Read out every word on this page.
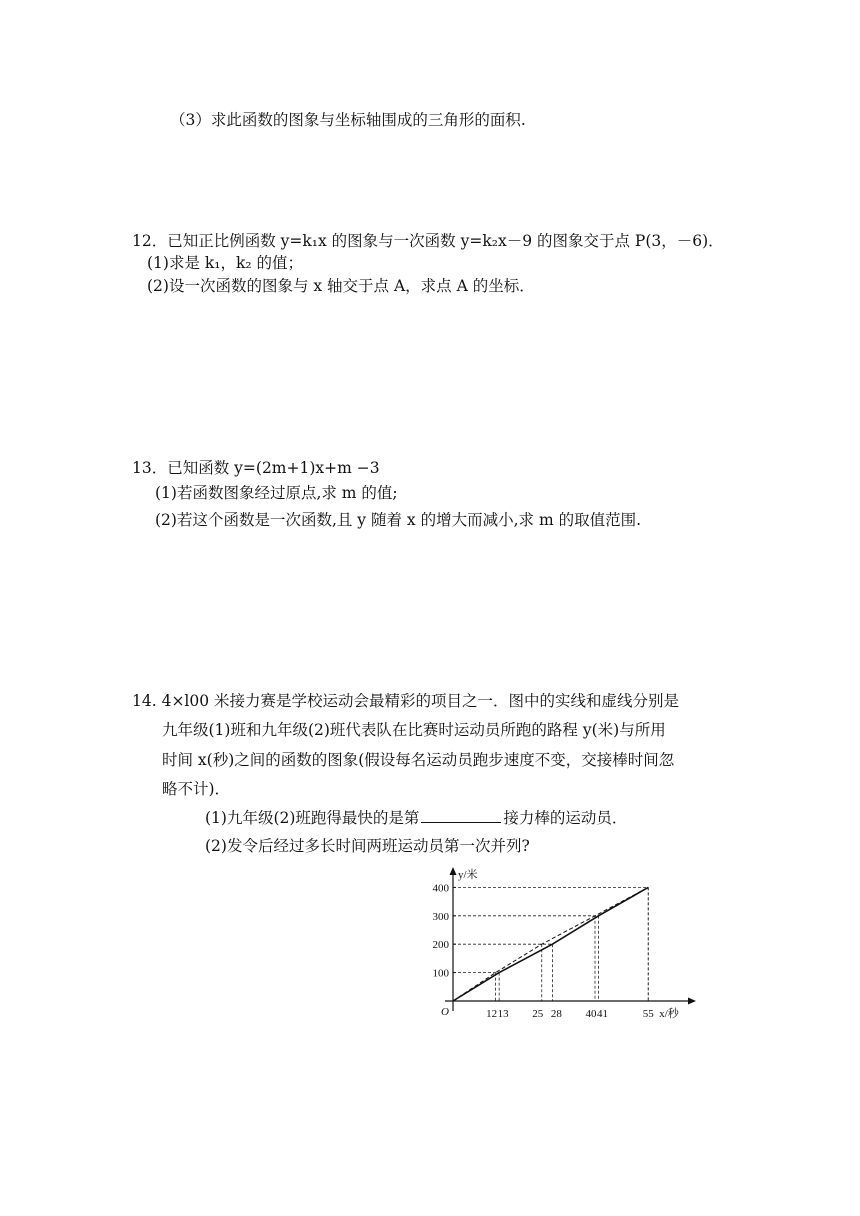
（3）求此函数的图象与坐标轴围成的三角形的面积.
12．已知正比例函数 y=k₁x 的图象与一次函数 y=k₂x－9 的图象交于点 P(3，－6)．
(1)求是 k₁，k₂ 的值；
(2)设一次函数的图象与 x 轴交于点 A，求点 A 的坐标．
13．已知函数 y=(2m+1)x+m −3
(1)若函数图象经过原点,求 m 的值;
(2)若这个函数是一次函数,且 y 随着 x 的增大而减小,求 m 的取值范围.
14. 4×l00 米接力赛是学校运动会最精彩的项目之一．图中的实线和虚线分别是
九年级(1)班和九年级(2)班代表队在比赛时运动员所跑的路程 y(米)与所用
时间 x(秒)之间的函数的图象(假设每名运动员跑步速度不变，交接棒时间忽
略不计)．
(1)九年级(2)班跑得最快的是第	接力棒的运动员．
(2)发令后经过多长时间两班运动员第一次并列?
100
200
300
400
12 13 25 28 40 41	55
O
y/米
x/秒
